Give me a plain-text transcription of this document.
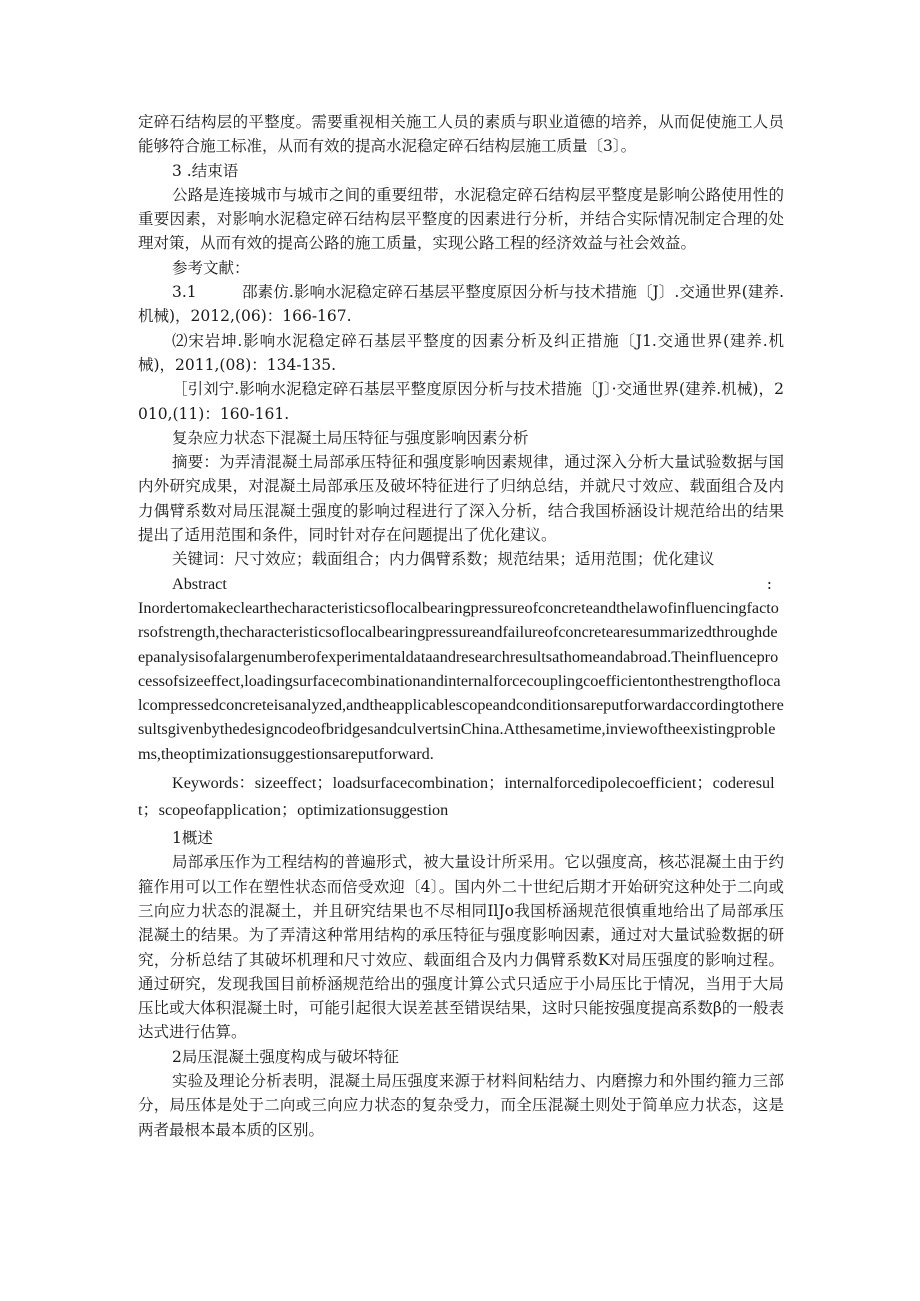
定碎石结构层的平整度。需要重视相关施工人员的素质与职业道德的培养，从而促使施工人员能够符合施工标准，从而有效的提高水泥稳定碎石结构层施工质量〔3〕。

3 .结束语

公路是连接城市与城市之间的重要纽带，水泥稳定碎石结构层平整度是影响公路使用性的重要因素，对影响水泥稳定碎石结构层平整度的因素进行分析，并结合实际情况制定合理的处理对策，从而有效的提高公路的施工质量，实现公路工程的经济效益与社会效益。

参考文献：

3.1	邵素仿.影响水泥稳定碎石基层平整度原因分析与技术措施〔J〕.交通世界(建养.机械)，2012,(06)：166-167.

⑵宋岩坤.影响水泥稳定碎石基层平整度的因素分析及纠正措施〔J1.交通世界(建养.机械)，2011,(08)：134-135.

［引刘宁.影响水泥稳定碎石基层平整度原因分析与技术措施〔J〕·交通世界(建养.机械)，2010,(11)：160-161.

复杂应力状态下混凝土局压特征与强度影响因素分析

摘要：为弄清混凝土局部承压特征和强度影响因素规律，通过深入分析大量试验数据与国内外研究成果，对混凝土局部承压及破坏特征进行了归纳总结，并就尺寸效应、载面组合及内力偶臂系数对局压混凝土强度的影响过程进行了深入分析，结合我国桥涵设计规范给出的结果提出了适用范围和条件，同时针对存在问题提出了优化建议。

关键词：尺寸效应；载面组合；内力偶臂系数；规范结果；适用范围；优化建议

Abstract	:

Inordertomakeclearthecharacteristicsoflocalbearingpressureofconcreteandthelawofinfluencingfactorsofstrength,thecharacteristicsoflocalbearingpressureandfailureofconcretearesummarizedthroughdeepanalysisofalargenumberofexperimentaldataandresearchresultsathomeandabroad.Theinfluenceprocessofsizeeffect,loadingsurfacecombinationandinternalforcecouplingcoefficientonthestrengthoflocalcompressedconcreteisanalyzed,andtheapplicablescopeandconditionsareputforwardaccordingtotheresultsgivenbythedesigncodeofbridgesandculvertsinChina.Atthesametime,inviewoftheexistingproblems,theoptimizationsuggestionsareputforward.

Keywords：sizeeffect；loadsurfacecombination；internalforcedipolecoefficient；coderesult；scopeofapplication；optimizationsuggestion

1概述

局部承压作为工程结构的普遍形式，被大量设计所采用。它以强度高，核芯混凝土由于约箍作用可以工作在塑性状态而倍受欢迎〔4〕。国内外二十世纪后期才开始研究这种处于二向或三向应力状态的混凝土，并且研究结果也不尽相同IlJo我国桥涵规范很慎重地给出了局部承压混凝土的结果。为了弄清这种常用结构的承压特征与强度影响因素，通过对大量试验数据的研究，分析总结了其破坏机理和尺寸效应、载面组合及内力偶臂系数K对局压强度的影响过程。通过研究，发现我国目前桥涵规范给出的强度计算公式只适应于小局压比于情况，当用于大局压比或大体积混凝土时，可能引起很大误差甚至错误结果，这时只能按强度提高系数β的一般表达式进行估算。

2局压混凝土强度构成与破坏特征

实验及理论分析表明，混凝土局压强度来源于材料间粘结力、内磨擦力和外围约箍力三部分，局压体是处于二向或三向应力状态的复杂受力，而全压混凝土则处于简单应力状态，这是两者最根本最本质的区别。
